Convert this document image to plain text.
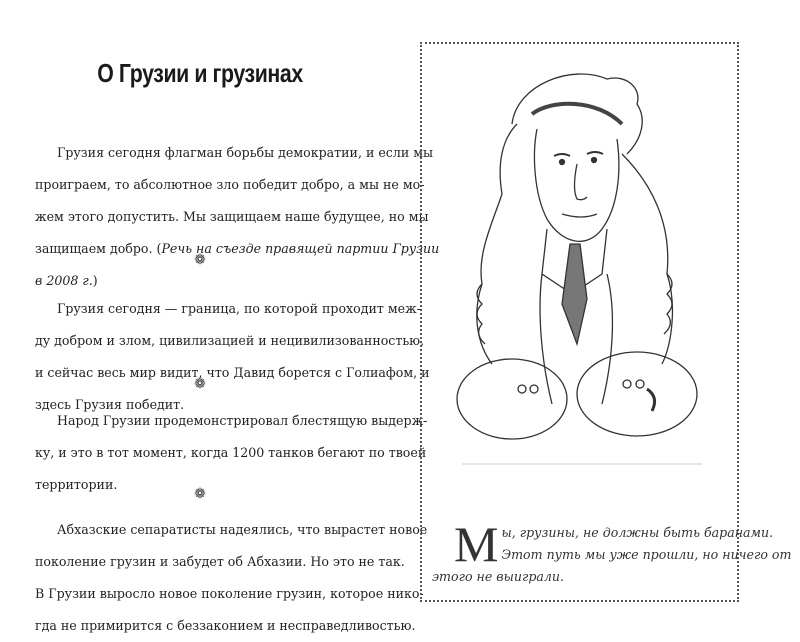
О Грузии и грузинах
Грузия сегодня флагман борьбы демократии, и если мы
проиграем, то абсолютное зло победит добро, а мы не мо-
жем этого допустить. Мы защищаем наше будущее, но мы
защищаем добро. (Речь на съезде правящей партии Грузии
в 2008 г.)
❁
Грузия сегодня — граница, по которой проходит меж-
ду добром и злом, цивилизацией и нецивилизованностью,
и сейчас весь мир видит, что Давид борется с Голиафом, и
здесь Грузия победит.
❁
Народ Грузии продемонстрировал блестящую выдерж-
ку, и это в тот момент, когда 1200 танков бегают по твоей
территории.
❁
Абхазские сепаратисты надеялись, что вырастет новое
поколение грузин и забудет об Абхазии. Но это не так.
В Грузии выросло новое поколение грузин, которое нико-
гда не примирится с беззаконием и несправедливостью.
М ы, грузины, не должны быть баранами.
Этот путь мы уже прошли, но ничего от
этого не выиграли.
